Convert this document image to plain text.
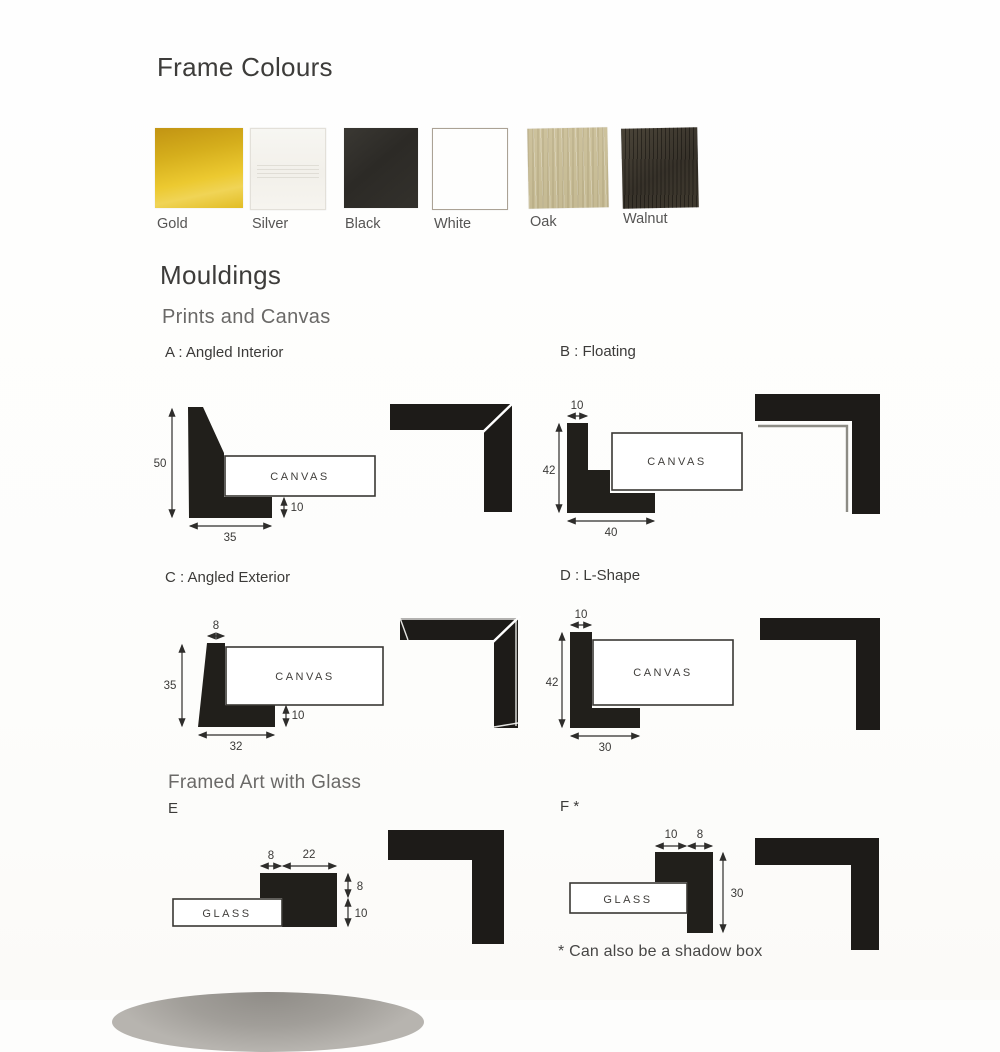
Frame Colours
Gold	Silver	Black	White	Oak	Walnut
Mouldings
Prints and Canvas
A : Angled Interior	B : Floating
CANVAS
50
35
10
CANVAS
10
42
40
C : Angled Exterior	D : L-Shape
CANVAS
8
35
32
10
CANVAS
10
42
30
Framed Art with Glass
E	F *
GLASS
8 22
8
10
GLASS
10 8
30
* Can also be a shadow box
